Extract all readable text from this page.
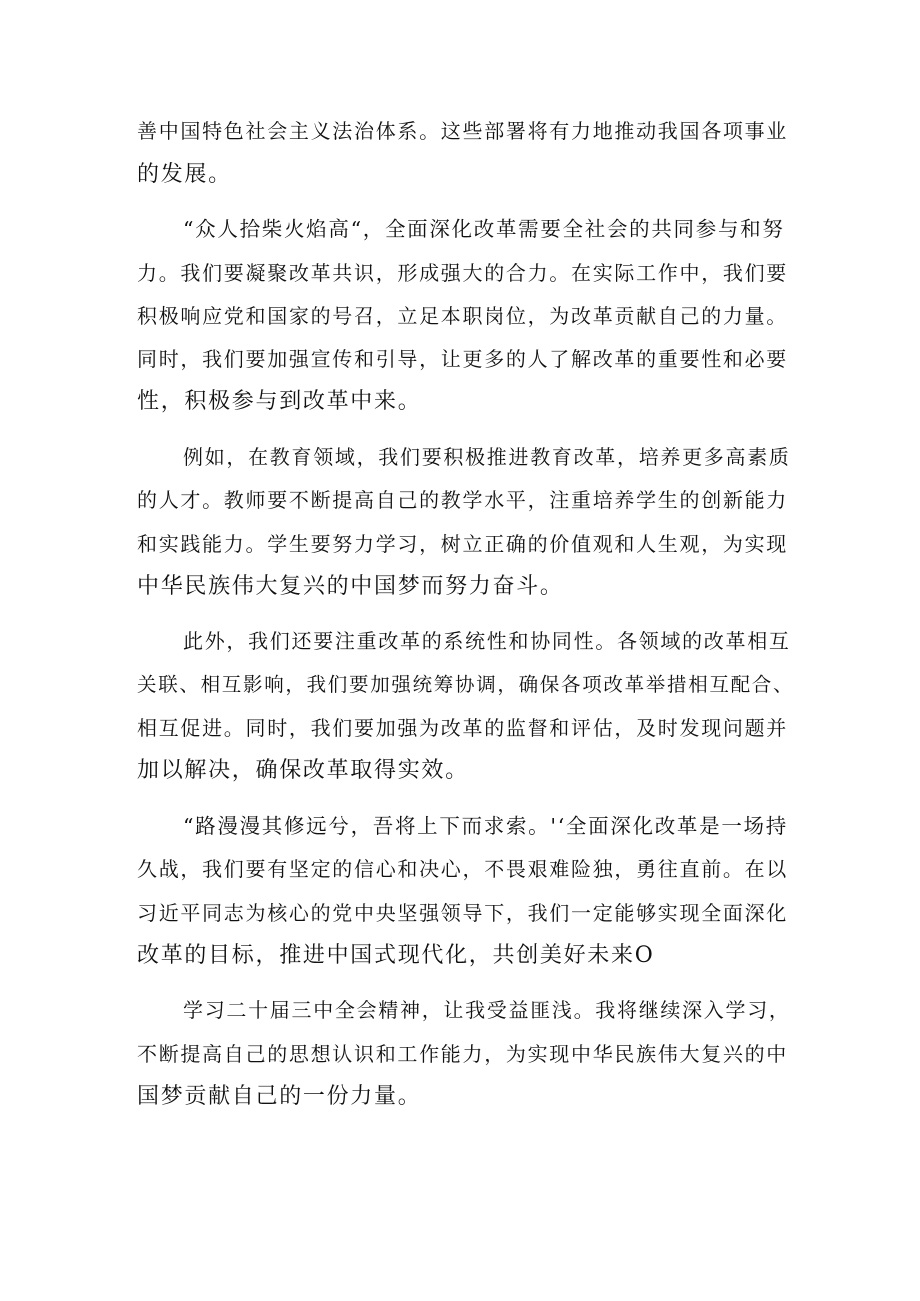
善中国特色社会主义法治体系。这些部署将有力地推动我国各项事业

的发展。

“众人拾柴火焰高“，全面深化改革需要全社会的共同参与和努

力。我们要凝聚改革共识，形成强大的合力。在实际工作中，我们要

积极响应党和国家的号召，立足本职岗位，为改革贡献自己的力量。

同时，我们要加强宣传和引导，让更多的人了解改革的重要性和必要

性，积极参与到改革中来。

例如，在教育领域，我们要积极推进教育改革，培养更多高素质

的人才。教师要不断提高自己的教学水平，注重培养学生的创新能力

和实践能力。学生要努力学习，树立正确的价值观和人生观，为实现

中华民族伟大复兴的中国梦而努力奋斗。

此外，我们还要注重改革的系统性和协同性。各领域的改革相互

关联、相互影响，我们要加强统筹协调，确保各项改革举措相互配合、

相互促进。同时，我们要加强为改革的监督和评估，及时发现问题并

加以解决，确保改革取得实效。

“路漫漫其修远兮，吾将上下而求索。'‘全面深化改革是一场持

久战，我们要有坚定的信心和决心，不畏艰难险独，勇往直前。在以

习近平同志为核心的党中央坚强领导下，我们一定能够实现全面深化

改革的目标，推进中国式现代化，共创美好未来O

学习二十届三中全会精神，让我受益匪浅。我将继续深入学习，

不断提高自己的思想认识和工作能力，为实现中华民族伟大复兴的中

国梦贡献自己的一份力量。
